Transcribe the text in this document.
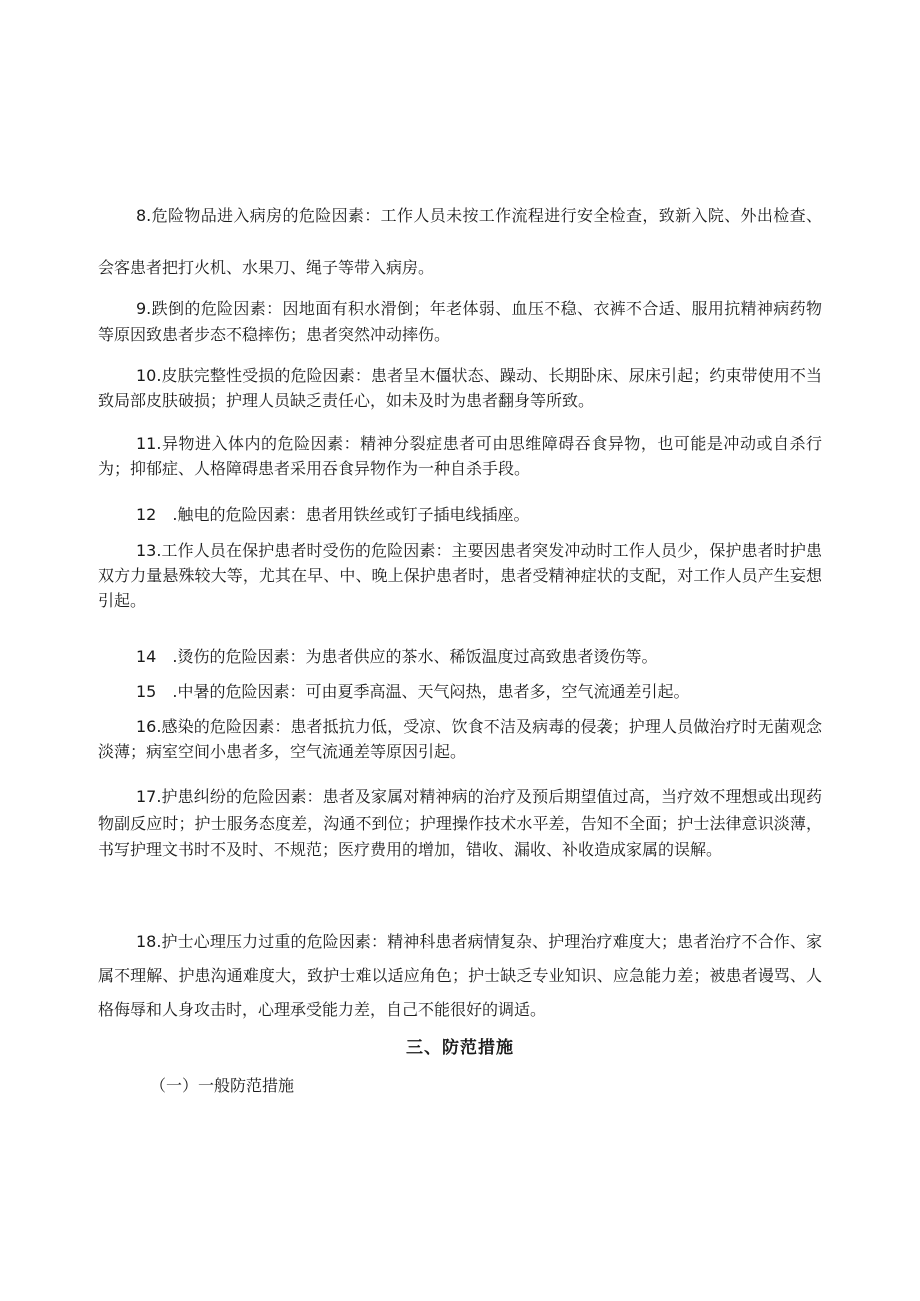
8.危险物品进入病房的危险因素：工作人员未按工作流程进行安全检查，致新入院、外出检查、会客患者把打火机、水果刀、绳子等带入病房。

9.跌倒的危险因素：因地面有积水滑倒；年老体弱、血压不稳、衣裤不合适、服用抗精神病药物等原因致患者步态不稳摔伤；患者突然冲动摔伤。

10.皮肤完整性受损的危险因素：患者呈木僵状态、躁动、长期卧床、尿床引起；约束带使用不当致局部皮肤破损；护理人员缺乏责任心，如未及时为患者翻身等所致。

11.异物进入体内的危险因素：精神分裂症患者可由思维障碍吞食异物，也可能是冲动或自杀行为；抑郁症、人格障碍患者采用吞食异物作为一种自杀手段。

12　.触电的危险因素：患者用铁丝或钉子插电线插座。

13.工作人员在保护患者时受伤的危险因素：主要因患者突发冲动时工作人员少，保护患者时护患双方力量悬殊较大等，尤其在早、中、晚上保护患者时，患者受精神症状的支配，对工作人员产生妄想引起。

14　.烫伤的危险因素：为患者供应的茶水、稀饭温度过高致患者烫伤等。

15　.中暑的危险因素：可由夏季高温、天气闷热，患者多，空气流通差引起。

16.感染的危险因素：患者抵抗力低，受凉、饮食不洁及病毒的侵袭；护理人员做治疗时无菌观念淡薄；病室空间小患者多，空气流通差等原因引起。

17.护患纠纷的危险因素：患者及家属对精神病的治疗及预后期望值过高，当疗效不理想或出现药物副反应时；护士服务态度差，沟通不到位；护理操作技术水平差，告知不全面；护士法律意识淡薄，书写护理文书时不及时、不规范；医疗费用的增加，错收、漏收、补收造成家属的误解。

18.护士心理压力过重的危险因素：精神科患者病情复杂、护理治疗难度大；患者治疗不合作、家属不理解、护患沟通难度大，致护士难以适应角色；护士缺乏专业知识、应急能力差；被患者谩骂、人格侮辱和人身攻击时，心理承受能力差，自己不能很好的调适。

三、防范措施

（一）一般防范措施
